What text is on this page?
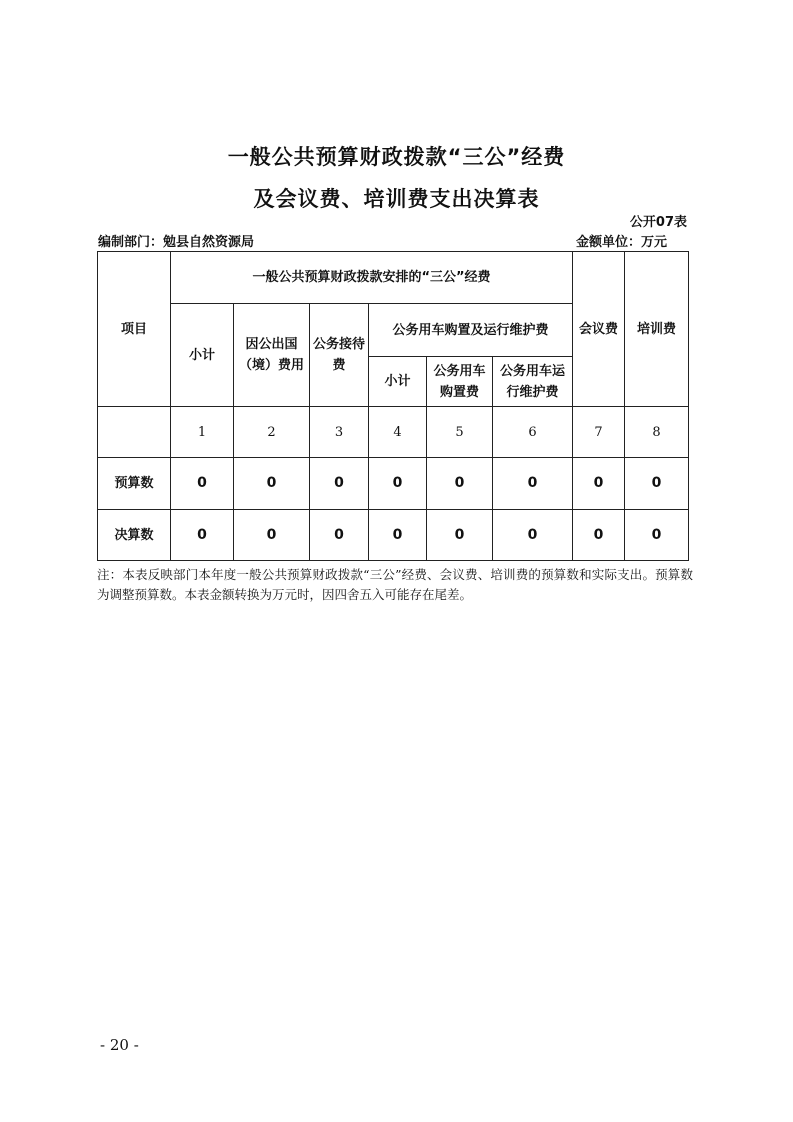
一般公共预算财政拨款“三公”经费
及会议费、培训费支出决算表
公开07表
编制部门：勉县自然资源局	金额单位：万元
项目	一般公共预算财政拨款安排的“三公”经费						会议费	培训费
	小计	因公出国（境）费用	公务接待费	公务用车购置及运行维护费				
				小计	公务用车购置费	公务用车运行维护费		
	1	2	3	4	5	6	7	8
预算数	0	0	0	0	0	0	0	0
决算数	0	0	0	0	0	0	0	0
注：本表反映部门本年度一般公共预算财政拨款“三公”经费、会议费、培训费的预算数和实际支出。预算数为调整预算数。本表金额转换为万元时，因四舍五入可能存在尾差。
- 20 -
